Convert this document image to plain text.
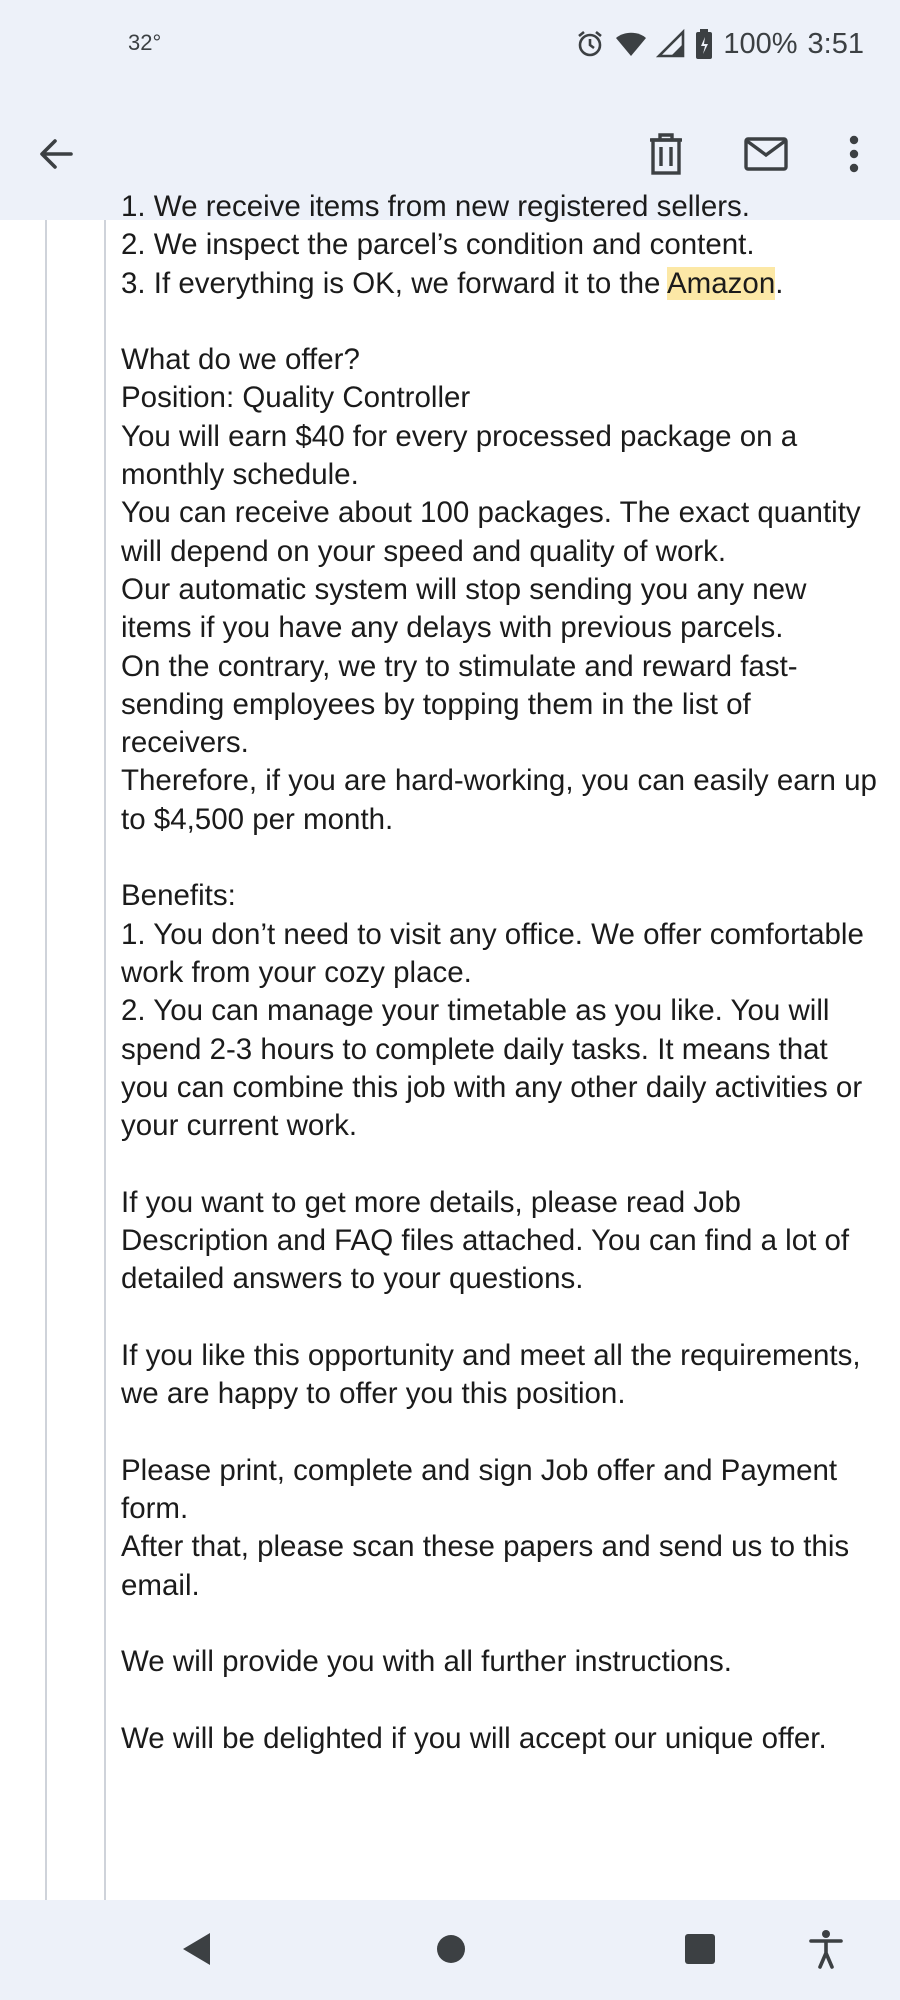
32°	100% 3:51

1. We receive items from new registered sellers.

2. We inspect the parcel’s condition and content.

3. If everything is OK, we forward it to the Amazon.

What do we offer?

Position: Quality Controller

You will earn $40 for every processed package on a monthly schedule.

You can receive about 100 packages. The exact quantity will depend on your speed and quality of work.

Our automatic system will stop sending you any new items if you have any delays with previous parcels.

On the contrary, we try to stimulate and reward fast-sending employees by topping them in the list of receivers.

Therefore, if you are hard-working, you can easily earn up to $4,500 per month.

Benefits:

1. You don’t need to visit any office. We offer comfortable work from your cozy place.

2. You can manage your timetable as you like. You will spend 2-3 hours to complete daily tasks. It means that you can combine this job with any other daily activities or your current work.

If you want to get more details, please read Job Description and FAQ files attached. You can find a lot of detailed answers to your questions.

If you like this opportunity and meet all the requirements, we are happy to offer you this position.

Please print, complete and sign Job offer and Payment form.

After that, please scan these papers and send us to this email.

We will provide you with all further instructions.

We will be delighted if you will accept our unique offer.
